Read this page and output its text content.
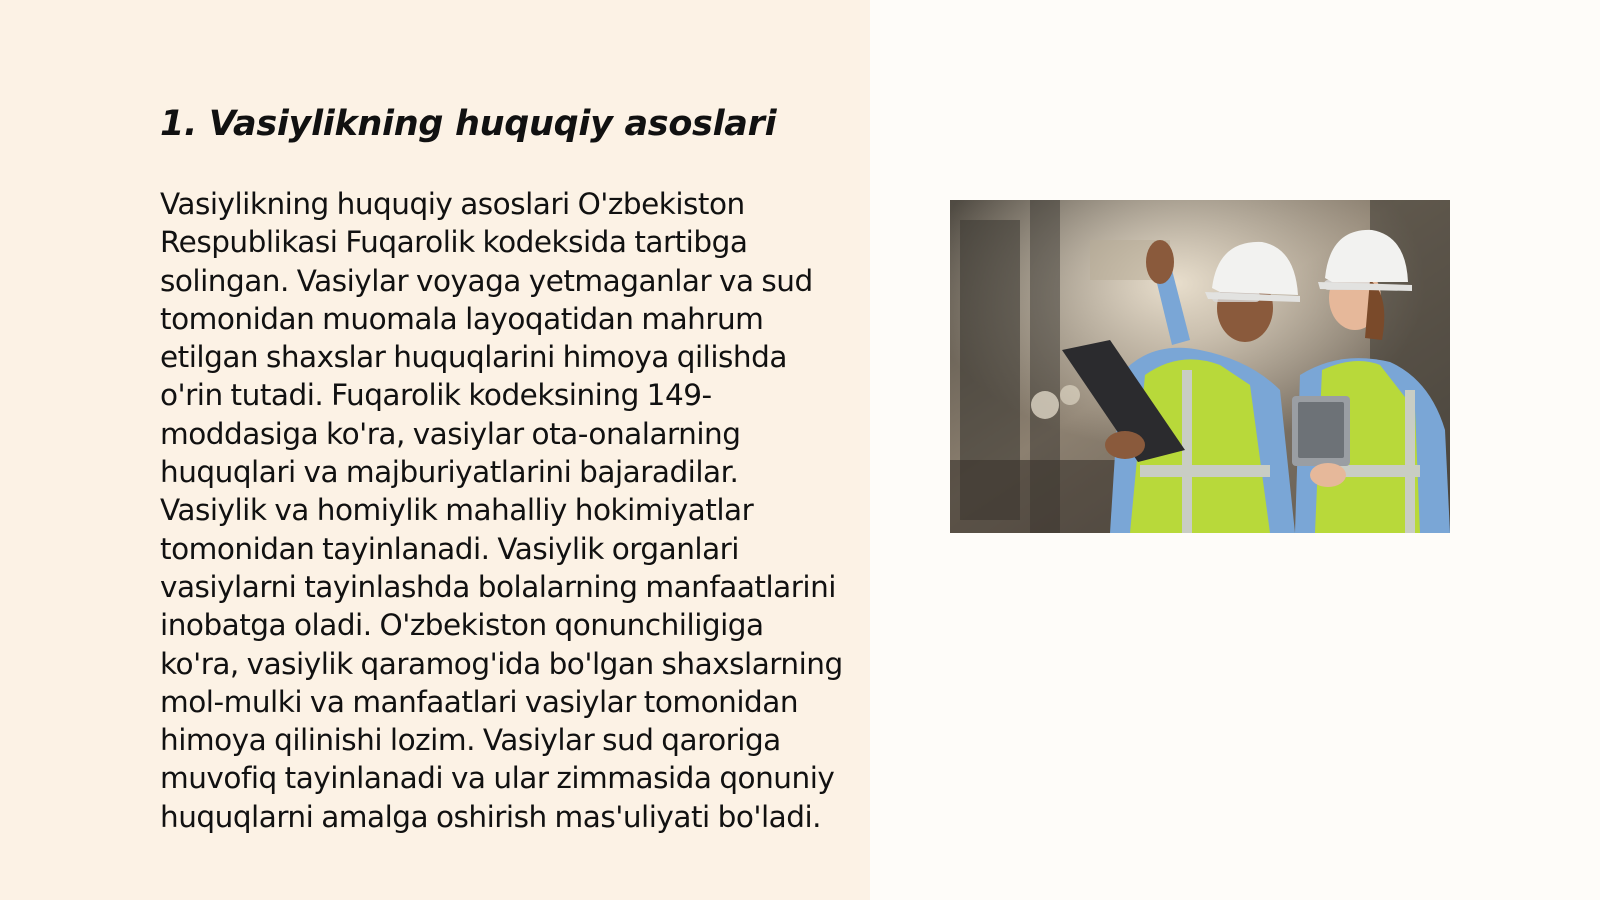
1. Vasiylikning huquqiy asoslari

Vasiylikning huquqiy asoslari O'zbekiston Respublikasi Fuqarolik kodeksida tartibga solingan. Vasiylar voyaga yetmaganlar va sud tomonidan muomala layoqatidan mahrum etilgan shaxslar huquqlarini himoya qilishda o'rin tutadi. Fuqarolik kodeksining 149-moddasiga ko'ra, vasiylar ota-onalarning huquqlari va majburiyatlarini bajaradilar. Vasiylik va homiylik mahalliy hokimiyatlar tomonidan tayinlanadi. Vasiylik organlari vasiylarni tayinlashda bolalarning manfaatlarini inobatga oladi. O'zbekiston qonunchiligiga ko'ra, vasiylik qaramog'ida bo'lgan shaxslarning mol-mulki va manfaatlari vasiylar tomonidan himoya qilinishi lozim. Vasiylar sud qaroriga muvofiq tayinlanadi va ular zimmasida qonuniy huquqlarni amalga oshirish mas'uliyati bo'ladi.
